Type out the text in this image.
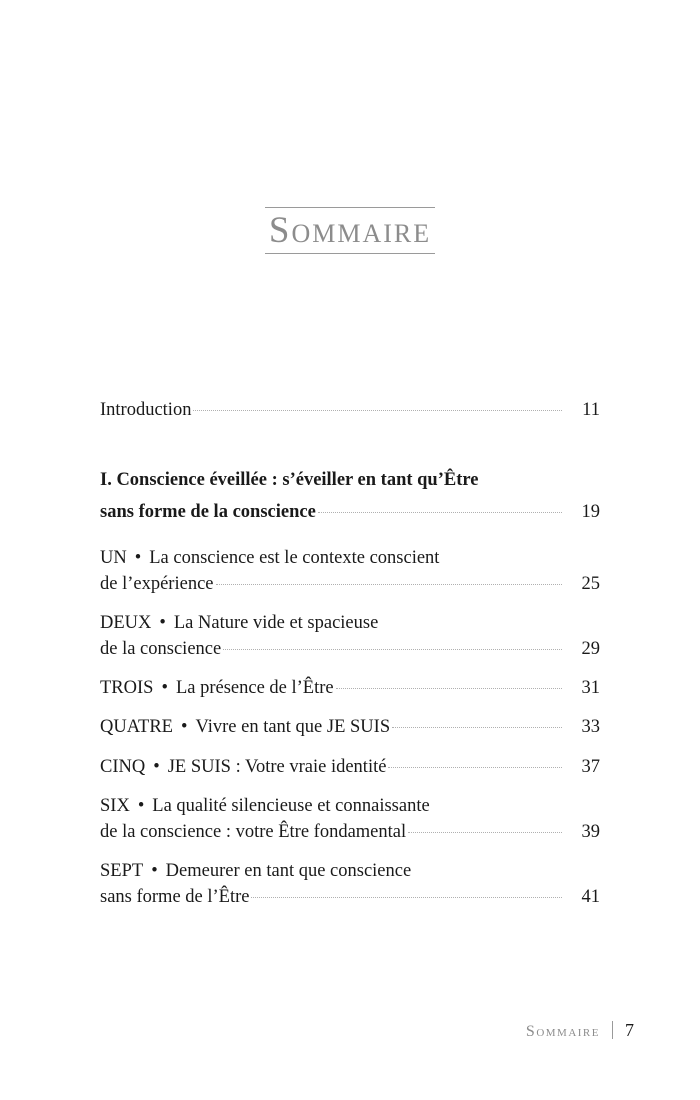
Sommaire
Introduction	11
I. Conscience éveillée : s’éveiller en tant qu’Être
sans forme de la conscience	19
UN • La conscience est le contexte conscient
de l’expérience	25
DEUX • La Nature vide et spacieuse
de la conscience	29
TROIS • La présence de l’Être	31
QUATRE • Vivre en tant que JE SUIS	33
CINQ • JE SUIS : Votre vraie identité	37
SIX • La qualité silencieuse et connaissante
de la conscience : votre Être fondamental	39
SEPT • Demeurer en tant que conscience
sans forme de l’Être	41
Sommaire 7
